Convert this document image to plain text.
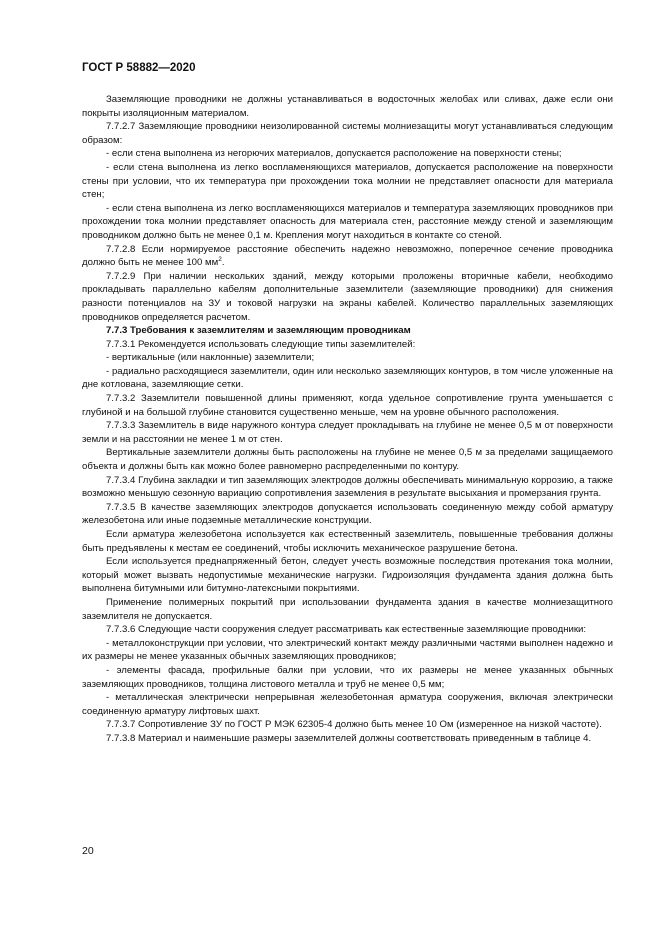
ГОСТ Р 58882—2020

Заземляющие проводники не должны устанавливаться в водосточных желобах или сливах, даже если они покрыты изоляционным материалом.

7.7.2.7 Заземляющие проводники неизолированной системы молниезащиты могут устанавливаться следующим образом:

- если стена выполнена из негорючих материалов, допускается расположение на поверхности стены;

- если стена выполнена из легко воспламеняющихся материалов, допускается расположение на поверхности стены при условии, что их температура при прохождении тока молнии не представляет опасности для материала стен;

- если стена выполнена из легко воспламеняющихся материалов и температура заземляющих проводников при прохождении тока молнии представляет опасность для материала стен, расстояние между стеной и заземляющим проводником должно быть не менее 0,1 м. Крепления могут находиться в контакте со стеной.

7.7.2.8 Если нормируемое расстояние обеспечить надежно невозможно, поперечное сечение проводника должно быть не менее 100 $мм^2$.

7.7.2.9 При наличии нескольких зданий, между которыми проложены вторичные кабели, необходимо прокладывать параллельно кабелям дополнительные заземлители (заземляющие проводники) для снижения разности потенциалов на ЗУ и токовой нагрузки на экраны кабелей. Количество параллельных заземляющих проводников определяется расчетом.

7.7.3 Требования к заземлителям и заземляющим проводникам

7.7.3.1 Рекомендуется использовать следующие типы заземлителей:

- вертикальные (или наклонные) заземлители;

- радиально расходящиеся заземлители, один или несколько заземляющих контуров, в том числе уложенные на дне котлована, заземляющие сетки.

7.7.3.2 Заземлители повышенной длины применяют, когда удельное сопротивление грунта уменьшается с глубиной и на большой глубине становится существенно меньше, чем на уровне обычного расположения.

7.7.3.3 Заземлитель в виде наружного контура следует прокладывать на глубине не менее 0,5 м от поверхности земли и на расстоянии не менее 1 м от стен.

Вертикальные заземлители должны быть расположены на глубине не менее 0,5 м за пределами защищаемого объекта и должны быть как можно более равномерно распределенными по контуру.

7.7.3.4 Глубина закладки и тип заземляющих электродов должны обеспечивать минимальную коррозию, а также возможно меньшую сезонную вариацию сопротивления заземления в результате высыхания и промерзания грунта.

7.7.3.5 В качестве заземляющих электродов допускается использовать соединенную между собой арматуру железобетона или иные подземные металлические конструкции.

Если арматура железобетона используется как естественный заземлитель, повышенные требования должны быть предъявлены к местам ее соединений, чтобы исключить механическое разрушение бетона.

Если используется преднапряженный бетон, следует учесть возможные последствия протекания тока молнии, который может вызвать недопустимые механические нагрузки. Гидроизоляция фундамента здания должна быть выполнена битумными или битумно-латексными покрытиями.

Применение полимерных покрытий при использовании фундамента здания в качестве молниезащитного заземлителя не допускается.

7.7.3.6 Следующие части сооружения следует рассматривать как естественные заземляющие проводники:

- металлоконструкции при условии, что электрический контакт между различными частями выполнен надежно и их размеры не менее указанных обычных заземляющих проводников;

- элементы фасада, профильные балки при условии, что их размеры не менее указанных обычных заземляющих проводников, толщина листового металла и труб не менее 0,5 мм;

- металлическая электрически непрерывная железобетонная арматура сооружения, включая электрически соединенную арматуру лифтовых шахт.

7.7.3.7 Сопротивление ЗУ по ГОСТ Р МЭК 62305-4 должно быть менее 10 Ом (измеренное на низкой частоте).

7.7.3.8 Материал и наименьшие размеры заземлителей должны соответствовать приведенным в таблице 4.

20
